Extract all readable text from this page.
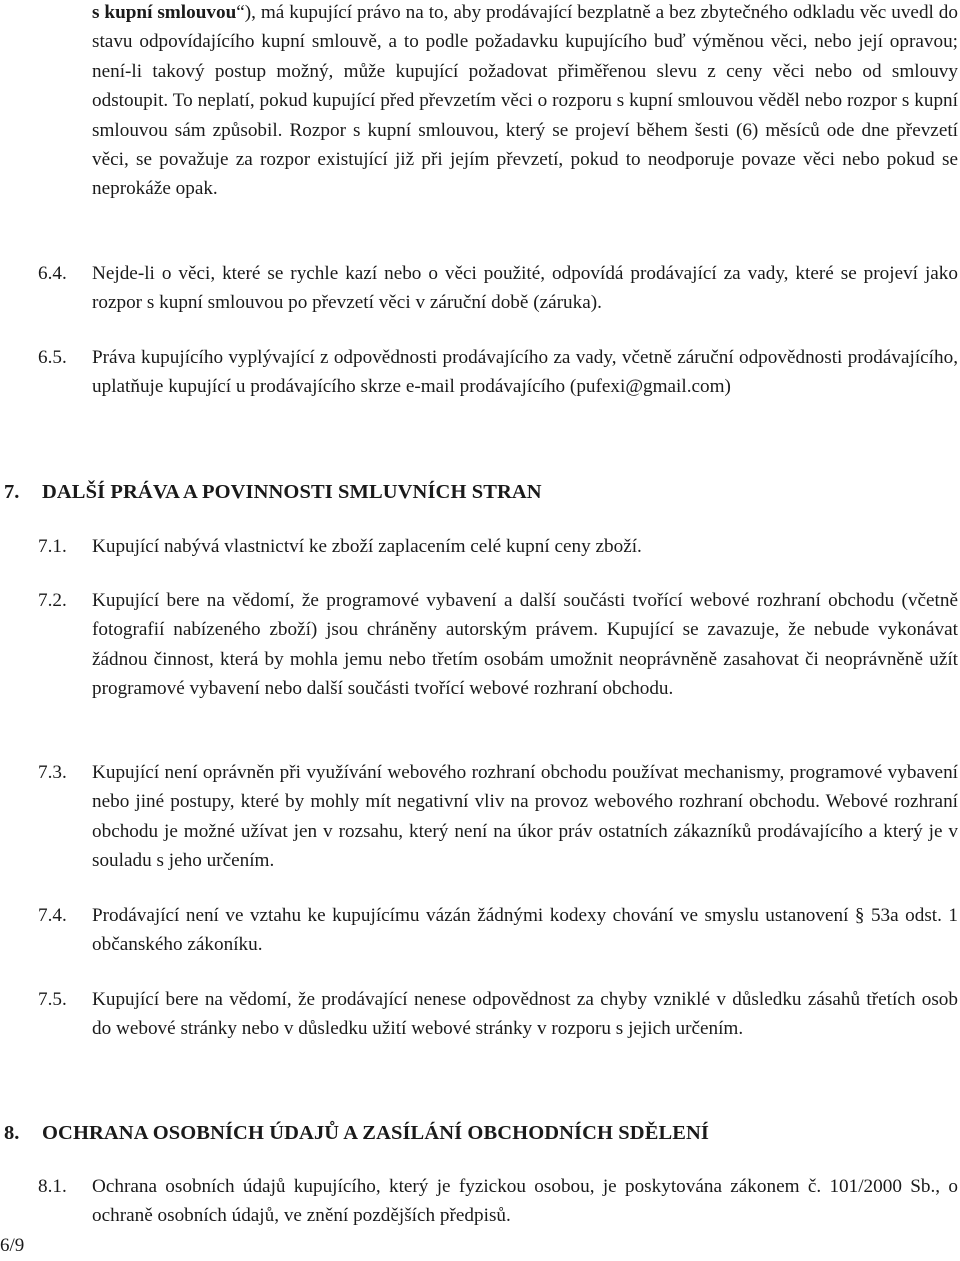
s kupní smlouvou“), má kupující právo na to, aby prodávající bezplatně a bez zbytečného odkladu věc uvedl do stavu odpovídajícího kupní smlouvě, a to podle požadavku kupujícího buď výměnou věci, nebo její opravou; není-li takový postup možný, může kupující požadovat přiměřenou slevu z ceny věci nebo od smlouvy odstoupit. To neplatí, pokud kupující před převzetím věci o rozporu s kupní smlouvou věděl nebo rozpor s kupní smlouvou sám způsobil. Rozpor s kupní smlouvou, který se projeví během šesti (6) měsíců ode dne převzetí věci, se považuje za rozpor existující již při jejím převzetí, pokud to neodporuje povaze věci nebo pokud se neprokáže opak.
6.4. Nejde-li o věci, které se rychle kazí nebo o věci použité, odpovídá prodávající za vady, které se projeví jako rozpor s kupní smlouvou po převzetí věci v záruční době (záruka).
6.5. Práva kupujícího vyplývající z odpovědnosti prodávajícího za vady, včetně záruční odpovědnosti prodávajícího, uplatňuje kupující u prodávajícího skrze e-mail prodávajícího (pufexi@gmail.com)
7. DALŠÍ PRÁVA A POVINNOSTI SMLUVNÍCH STRAN
7.1. Kupující nabývá vlastnictví ke zboží zaplacením celé kupní ceny zboží.
7.2. Kupující bere na vědomí, že programové vybavení a další součásti tvořící webové rozhraní obchodu (včetně fotografií nabízeného zboží) jsou chráněny autorským právem. Kupující se zavazuje, že nebude vykonávat žádnou činnost, která by mohla jemu nebo třetím osobám umožnit neoprávněně zasahovat či neoprávněně užít programové vybavení nebo další součásti tvořící webové rozhraní obchodu.
7.3. Kupující není oprávněn při využívání webového rozhraní obchodu používat mechanismy, programové vybavení nebo jiné postupy, které by mohly mít negativní vliv na provoz webového rozhraní obchodu. Webové rozhraní obchodu je možné užívat jen v rozsahu, který není na úkor práv ostatních zákazníků prodávajícího a který je v souladu s jeho určením.
7.4. Prodávající není ve vztahu ke kupujícímu vázán žádnými kodexy chování ve smyslu ustanovení § 53a odst. 1 občanského zákoníku.
7.5. Kupující bere na vědomí, že prodávající nenese odpovědnost za chyby vzniklé v důsledku zásahů třetích osob do webové stránky nebo v důsledku užití webové stránky v rozporu s jejich určením.
8. OCHRANA OSOBNÍCH ÚDAJŮ A ZASÍLÁNÍ OBCHODNÍCH SDĚLENÍ
8.1. Ochrana osobních údajů kupujícího, který je fyzickou osobou, je poskytována zákonem č. 101/2000 Sb., o ochraně osobních údajů, ve znění pozdějších předpisů.
6/9
